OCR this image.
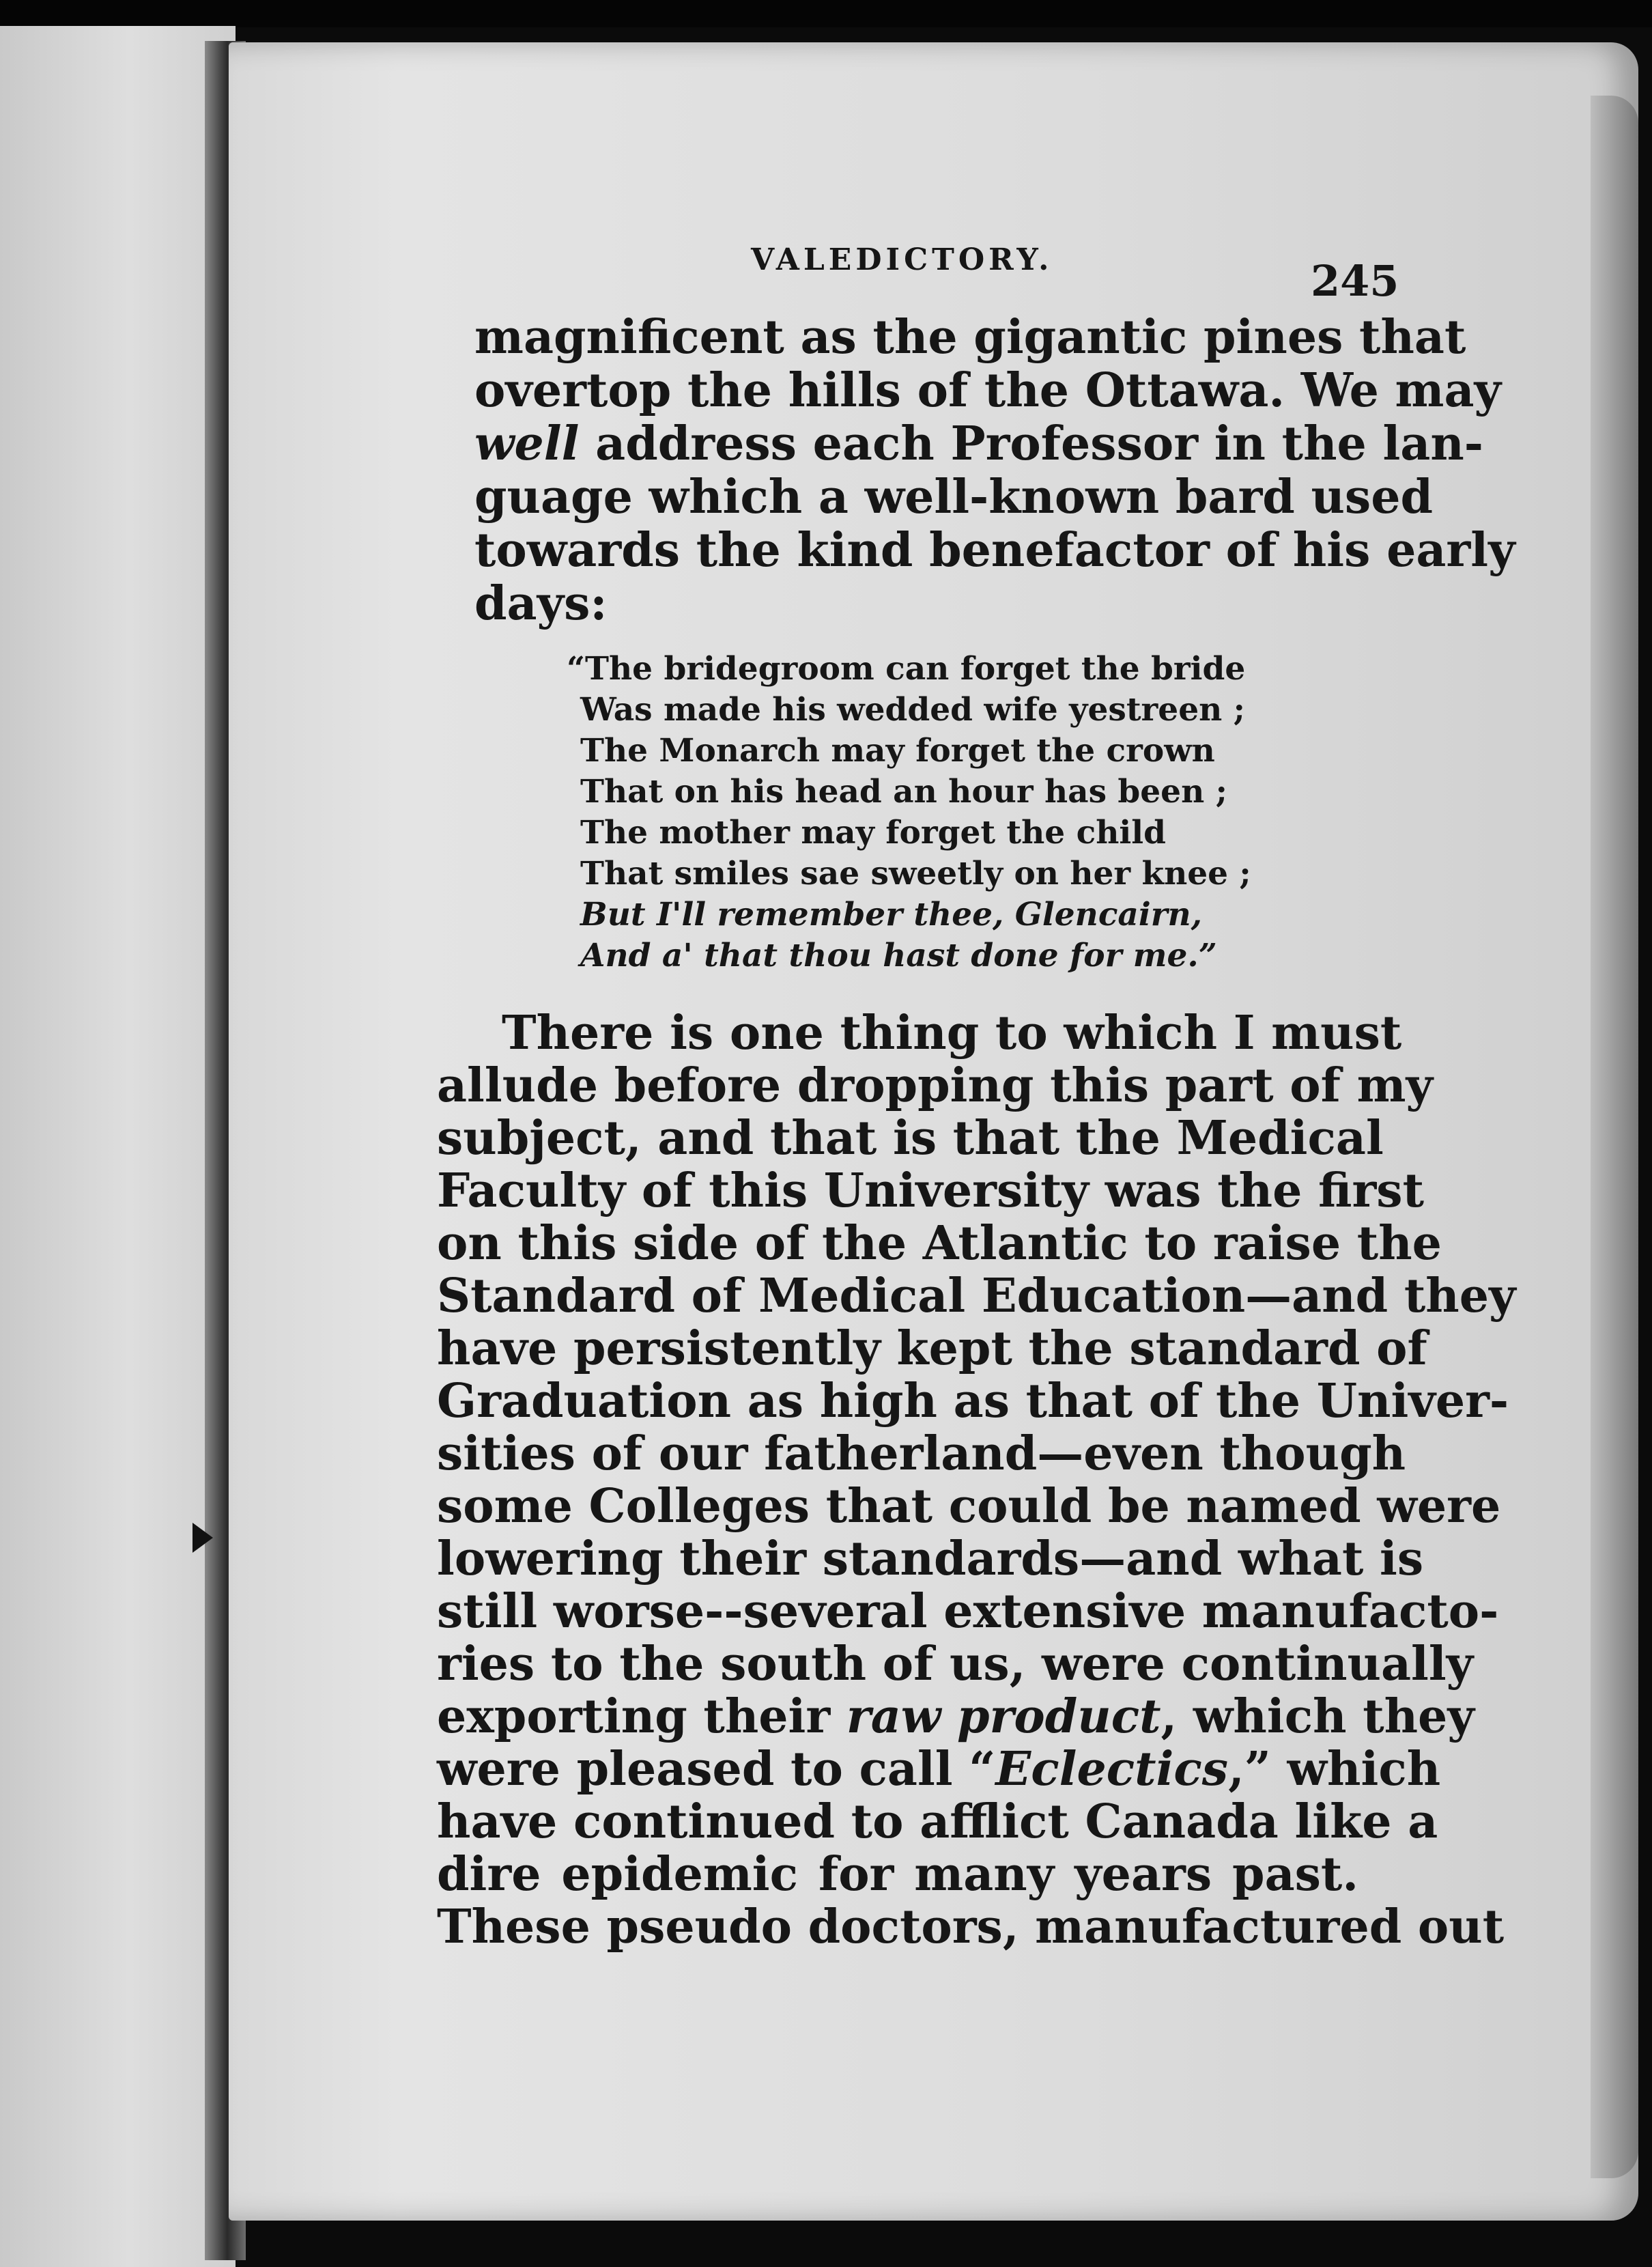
VALEDICTORY.	245
magnificent as the gigantic pines that
overtop the hills of the Ottawa. We may
well address each Professor in the lan-
guage which a well-known bard used
towards the kind benefactor of his early
days:
“The bridegroom can forget the bride
Was made his wedded wife yestreen ;
The Monarch may forget the crown
That on his head an hour has been ;
The mother may forget the child
That smiles sae sweetly on her knee ;
But I'll remember thee, Glencairn,
And a' that thou hast done for me.”
There is one thing to which I must
allude before dropping this part of my
subject, and that is that the Medical
Faculty of this University was the first
on this side of the Atlantic to raise the
Standard of Medical Education—and they
have persistently kept the standard of
Graduation as high as that of the Univer-
sities of our fatherland—even though
some Colleges that could be named were
lowering their standards—and what is
still worse--several extensive manufacto-
ries to the south of us, were continually
exporting their raw product, which they
were pleased to call “Eclectics,” which
have continued to afflict Canada like a
dire epidemic for many years past.
These pseudo doctors, manufactured out
